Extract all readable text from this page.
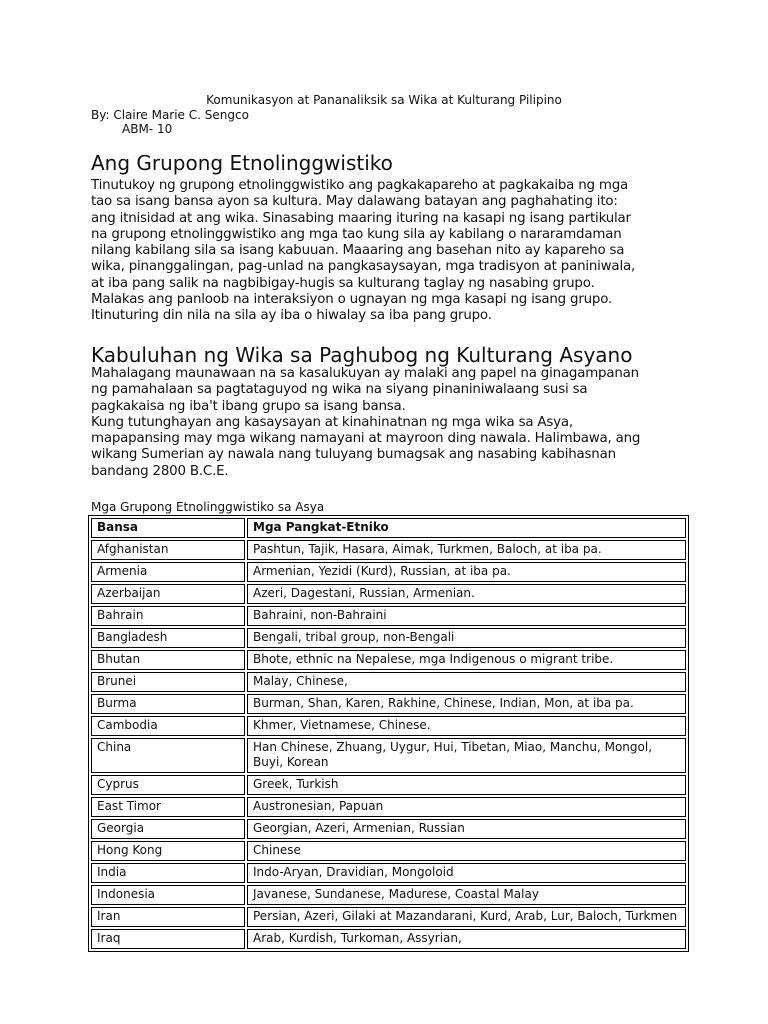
Komunikasyon at Pananaliksik sa Wika at Kulturang Pilipino
By: Claire Marie C. Sengco
ABM- 10
Ang Grupong Etnolinggwistiko
Tinutukoy ng grupong etnolinggwistiko ang pagkakapareho at pagkakaiba ng mga
tao sa isang bansa ayon sa kultura. May dalawang batayan ang paghahating ito:
ang itnisidad at ang wika. Sinasabing maaring ituring na kasapi ng isang partikular
na grupong etnolinggwistiko ang mga tao kung sila ay kabilang o nararamdaman
nilang kabilang sila sa isang kabuuan. Maaaring ang basehan nito ay kapareho sa
wika, pinanggalingan, pag-unlad na pangkasaysayan, mga tradisyon at paniniwala,
at iba pang salik na nagbibigay-hugis sa kulturang taglay ng nasabing grupo.
Malakas ang panloob na interaksiyon o ugnayan ng mga kasapi ng isang grupo.
Itinuturing din nila na sila ay iba o hiwalay sa iba pang grupo.
Kabuluhan ng Wika sa Paghubog ng Kulturang Asyano
Mahalagang maunawaan na sa kasalukuyan ay malaki ang papel na ginagampanan
ng pamahalaan sa pagtataguyod ng wika na siyang pinaniniwalaang susi sa
pagkakaisa ng iba't ibang grupo sa isang bansa.
Kung tutunghayan ang kasaysayan at kinahinatnan ng mga wika sa Asya,
mapapansing may mga wikang namayani at mayroon ding nawala. Halimbawa, ang
wikang Sumerian ay nawala nang tuluyang bumagsak ang nasabing kabihasnan
bandang 2800 B.C.E.
Mga Grupong Etnolinggwistiko sa Asya
Bansa	Mga Pangkat-Etniko
Afghanistan	Pashtun, Tajik, Hasara, Aimak, Turkmen, Baloch, at iba pa.
Armenia	Armenian, Yezidi (Kurd), Russian, at iba pa.
Azerbaijan	Azeri, Dagestani, Russian, Armenian.
Bahrain	Bahraini, non-Bahraini
Bangladesh	Bengali, tribal group, non-Bengali
Bhutan	Bhote, ethnic na Nepalese, mga Indigenous o migrant tribe.
Brunei	Malay, Chinese,
Burma	Burman, Shan, Karen, Rakhine, Chinese, Indian, Mon, at iba pa.
Cambodia	Khmer, Vietnamese, Chinese.
China	Han Chinese, Zhuang, Uygur, Hui, Tibetan, Miao, Manchu, Mongol, Buyi, Korean
Cyprus	Greek, Turkish
East Timor	Austronesian, Papuan
Georgia	Georgian, Azeri, Armenian, Russian
Hong Kong	Chinese
India	Indo-Aryan, Dravidian, Mongoloid
Indonesia	Javanese, Sundanese, Madurese, Coastal Malay
Iran	Persian, Azeri, Gilaki at Mazandarani, Kurd, Arab, Lur, Baloch, Turkmen
Iraq	Arab, Kurdish, Turkoman, Assyrian,
